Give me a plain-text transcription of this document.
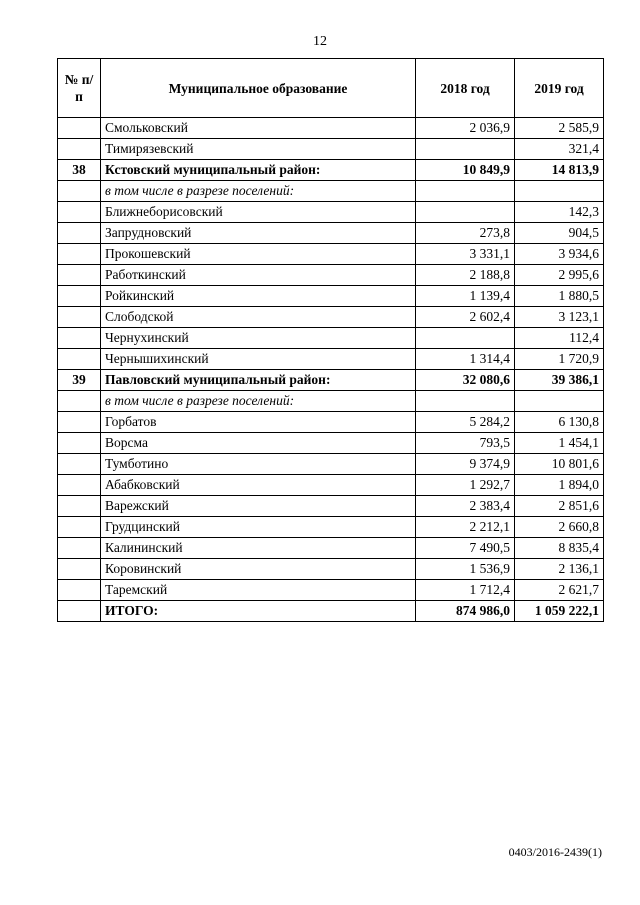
12
№ п/п	Муниципальное образование	2018 год	2019 год
	Смольковский	2 036,9	2 585,9
	Тимирязевский		321,4
38	Кстовский муниципальный район:	10 849,9	14 813,9
	в том числе в разрезе поселений:		
	Ближнеборисовский		142,3
	Запрудновский	273,8	904,5
	Прокошевский	3 331,1	3 934,6
	Работкинский	2 188,8	2 995,6
	Ройкинский	1 139,4	1 880,5
	Слободской	2 602,4	3 123,1
	Чернухинский		112,4
	Чернышихинский	1 314,4	1 720,9
39	Павловский муниципальный район:	32 080,6	39 386,1
	в том числе в разрезе поселений:		
	Горбатов	5 284,2	6 130,8
	Ворсма	793,5	1 454,1
	Тумботино	9 374,9	10 801,6
	Абабковский	1 292,7	1 894,0
	Варежский	2 383,4	2 851,6
	Грудцинский	2 212,1	2 660,8
	Калининский	7 490,5	8 835,4
	Коровинский	1 536,9	2 136,1
	Таремский	1 712,4	2 621,7
	ИТОГО:	874 986,0	1 059 222,1
0403/2016-2439(1)
